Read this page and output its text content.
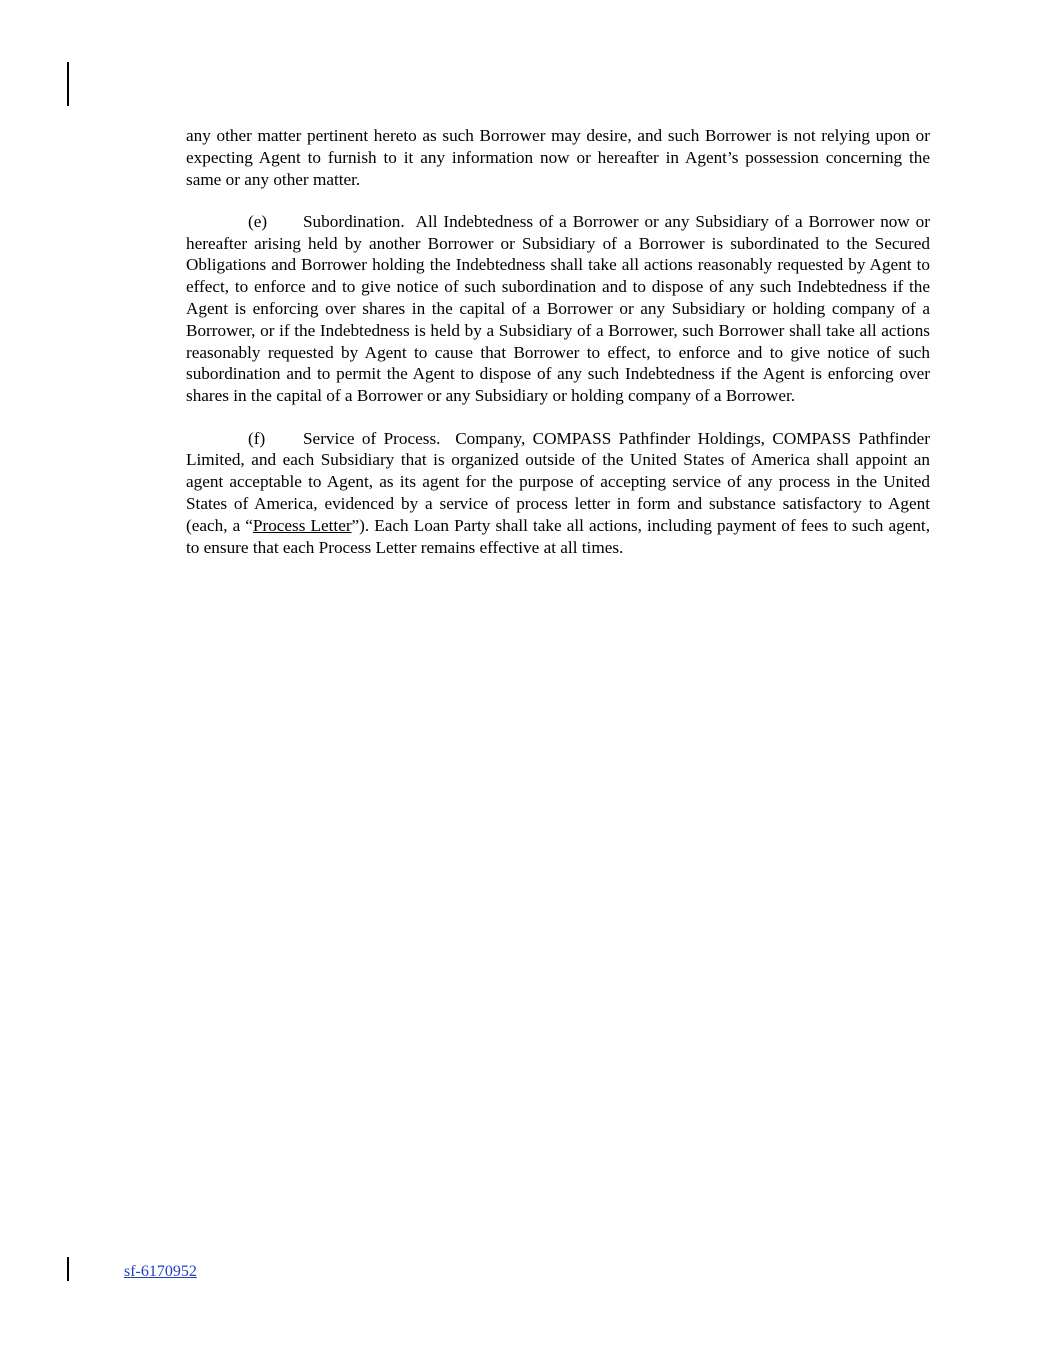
any other matter pertinent hereto as such Borrower may desire, and such Borrower is not relying upon or expecting Agent to furnish to it any information now or hereafter in Agent’s possession concerning the same or any other matter.

(e) Subordination. All Indebtedness of a Borrower or any Subsidiary of a Borrower now or hereafter arising held by another Borrower or Subsidiary of a Borrower is subordinated to the Secured Obligations and Borrower holding the Indebtedness shall take all actions reasonably requested by Agent to effect, to enforce and to give notice of such subordination and to dispose of any such Indebtedness if the Agent is enforcing over shares in the capital of a Borrower or any Subsidiary or holding company of a Borrower, or if the Indebtedness is held by a Subsidiary of a Borrower, such Borrower shall take all actions reasonably requested by Agent to cause that Borrower to effect, to enforce and to give notice of such subordination and to permit the Agent to dispose of any such Indebtedness if the Agent is enforcing over shares in the capital of a Borrower or any Subsidiary or holding company of a Borrower.

(f) Service of Process. Company, COMPASS Pathfinder Holdings, COMPASS Pathfinder Limited, and each Subsidiary that is organized outside of the United States of America shall appoint an agent acceptable to Agent, as its agent for the purpose of accepting service of any process in the United States of America, evidenced by a service of process letter in form and substance satisfactory to Agent (each, a “Process Letter”). Each Loan Party shall take all actions, including payment of fees to such agent, to ensure that each Process Letter remains effective at all times.

sf-6170952
